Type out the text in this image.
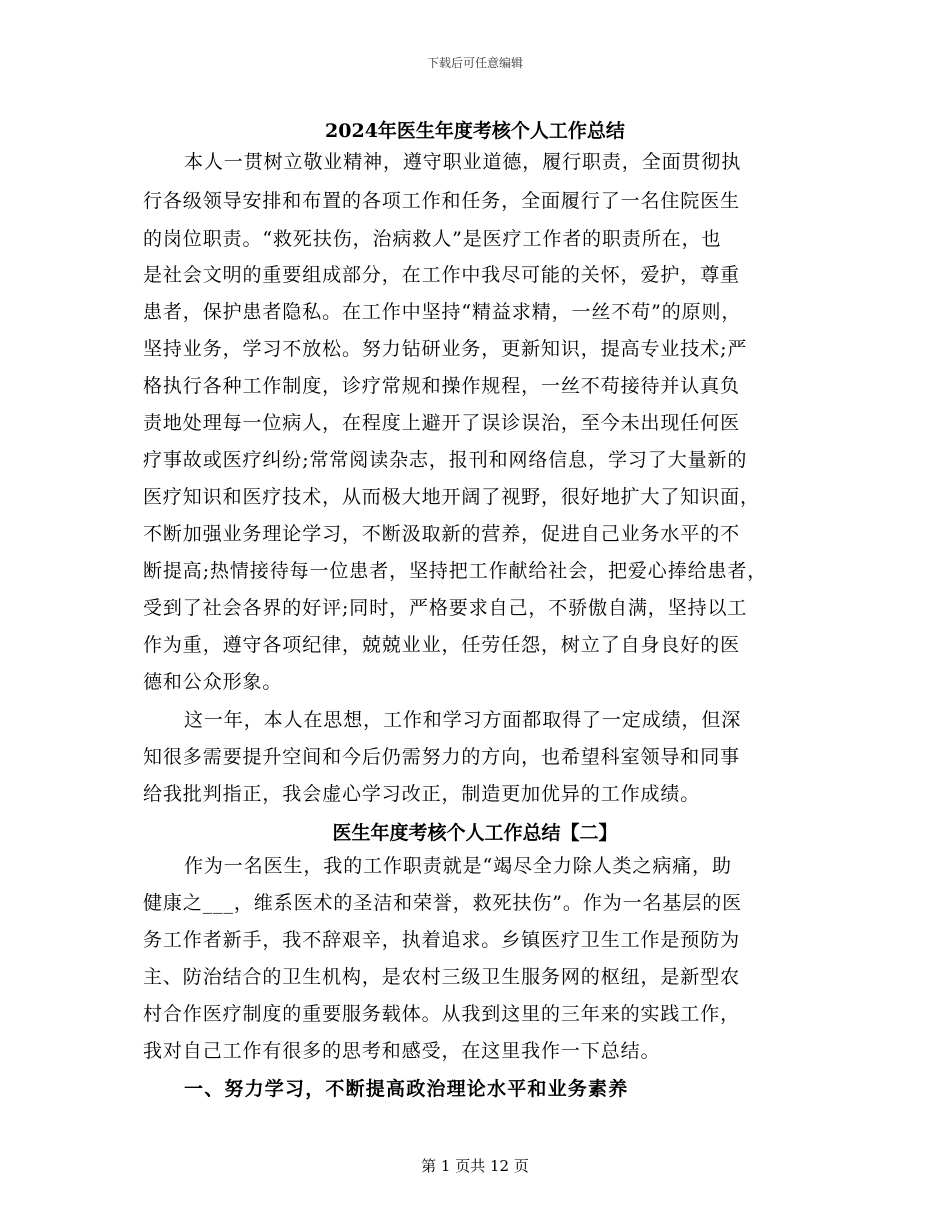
下载后可任意编辑
2024年医生年度考核个人工作总结
本人一贯树立敬业精神，遵守职业道德，履行职责，全面贯彻执
行各级领导安排和布置的各项工作和任务，全面履行了一名住院医生
的岗位职责。“救死扶伤，治病救人”是医疗工作者的职责所在，也
是社会文明的重要组成部分，在工作中我尽可能的关怀，爱护，尊重
患者，保护患者隐私。在工作中坚持“精益求精，一丝不苟”的原则，
坚持业务，学习不放松。努力钻研业务，更新知识，提高专业技术;严
格执行各种工作制度，诊疗常规和操作规程，一丝不苟接待并认真负
责地处理每一位病人，在程度上避开了误诊误治，至今未出现任何医
疗事故或医疗纠纷;常常阅读杂志，报刊和网络信息，学习了大量新的
医疗知识和医疗技术，从而极大地开阔了视野，很好地扩大了知识面，
不断加强业务理论学习，不断汲取新的营养，促进自己业务水平的不
断提高;热情接待每一位患者，坚持把工作献给社会，把爱心捧给患者，
受到了社会各界的好评;同时，严格要求自己，不骄傲自满，坚持以工
作为重，遵守各项纪律，兢兢业业，任劳任怨，树立了自身良好的医
德和公众形象。
这一年，本人在思想，工作和学习方面都取得了一定成绩，但深
知很多需要提升空间和今后仍需努力的方向，也希望科室领导和同事
给我批判指正，我会虚心学习改正，制造更加优异的工作成绩。
医生年度考核个人工作总结【二】
作为一名医生，我的工作职责就是“竭尽全力除人类之病痛，助
健康之___，维系医术的圣洁和荣誉，救死扶伤”。作为一名基层的医
务工作者新手，我不辞艰辛，执着追求。乡镇医疗卫生工作是预防为
主、防治结合的卫生机构，是农村三级卫生服务网的枢纽，是新型农
村合作医疗制度的重要服务载体。从我到这里的三年来的实践工作，
我对自己工作有很多的思考和感受，在这里我作一下总结。
一、努力学习，不断提高政治理论水平和业务素养
第 1 页共 12 页
